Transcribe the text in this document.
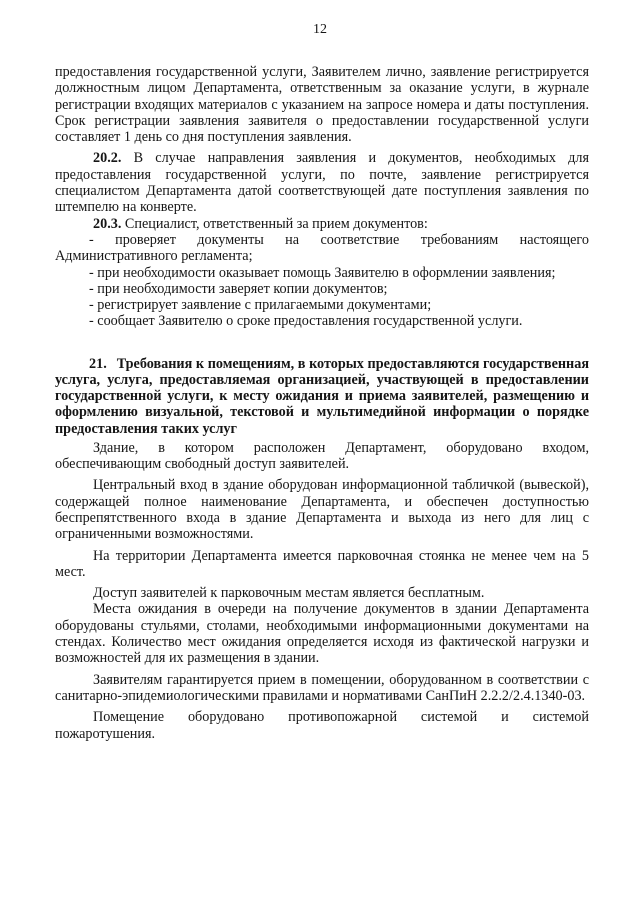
12

предоставления государственной услуги, Заявителем лично, заявление регистрируется должностным лицом Департамента, ответственным за оказание услуги, в журнале регистрации входящих материалов с указанием на запросе номера и даты поступления. Срок регистрации заявления заявителя о предоставлении государственной услуги составляет 1 день со дня поступления заявления.

20.2. В случае направления заявления и документов, необходимых для предоставления государственной услуги, по почте, заявление регистрируется специалистом Департамента датой соответствующей дате поступления заявления по штемпелю на конверте.

20.3. Специалист, ответственный за прием документов:

- проверяет документы на соответствие требованиям настоящего Административного регламента;

- при необходимости оказывает помощь Заявителю в оформлении заявления;

- при необходимости заверяет копии документов;

- регистрирует заявление с прилагаемыми документами;

- сообщает Заявителю о сроке предоставления государственной услуги.

21. Требования к помещениям, в которых предоставляются государственная услуга, услуга, предоставляемая организацией, участвующей в предоставлении государственной услуги, к месту ожидания и приема заявителей, размещению и оформлению визуальной, текстовой и мультимедийной информации о порядке предоставления таких услуг

Здание, в котором расположен Департамент, оборудовано входом, обеспечивающим свободный доступ заявителей.

Центральный вход в здание оборудован информационной табличкой (вывеской), содержащей полное наименование Департамента, и обеспечен доступностью беспрепятственного входа в здание Департамента и выхода из него для лиц с ограниченными возможностями.

На территории Департамента имеется парковочная стоянка не менее чем на 5 мест.

Доступ заявителей к парковочным местам является бесплатным.

Места ожидания в очереди на получение документов в здании Департамента оборудованы стульями, столами, необходимыми информационными документами на стендах. Количество мест ожидания определяется исходя из фактической нагрузки и возможностей для их размещения в здании.

Заявителям гарантируется прием в помещении, оборудованном в соответствии с санитарно-эпидемиологическими правилами и нормативами СанПиН 2.2.2/2.4.1340-03.

Помещение оборудовано противопожарной системой и системой пожаротушения.
